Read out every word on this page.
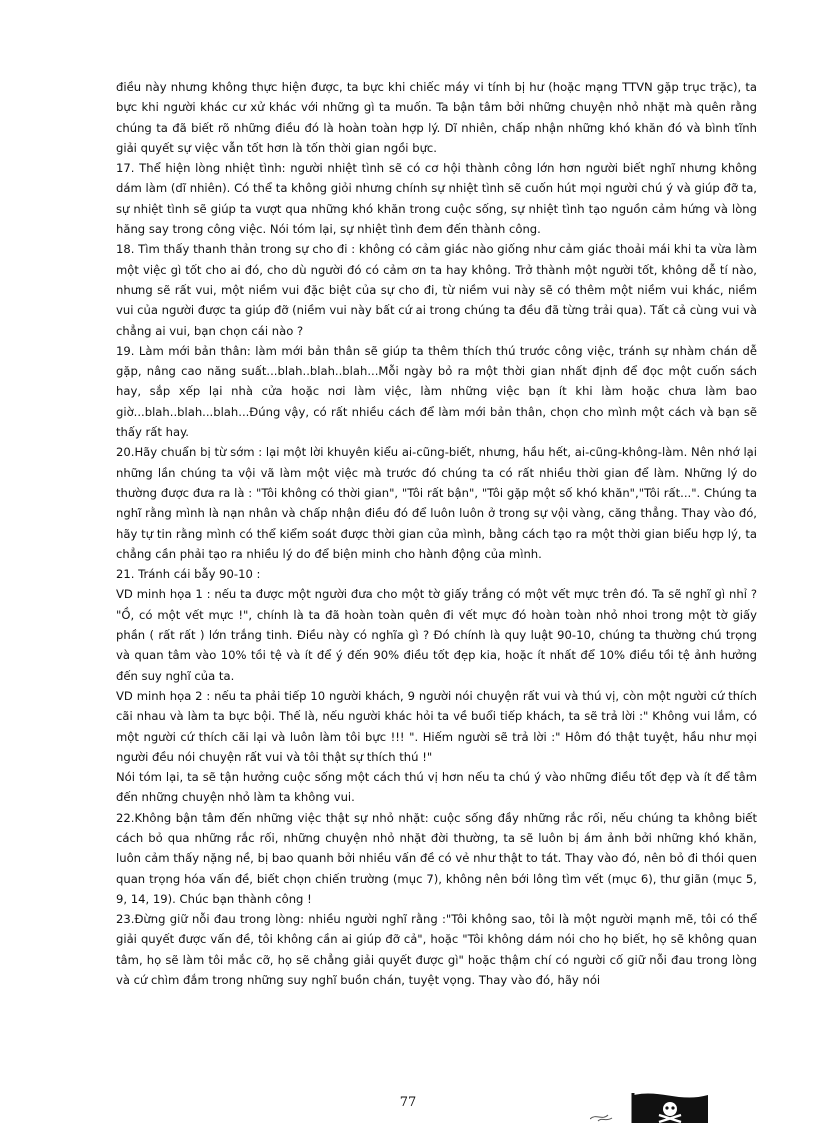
điều này nhưng không thực hiện được, ta bực khi chiếc máy vi tính bị hư (hoặc mạng TTVN gặp trục trặc), ta bực khi người khác cư xử khác với những gì ta muốn. Ta bận tâm bởi những chuyện nhỏ nhặt mà quên rằng chúng ta đã biết rõ những điều đó là hoàn toàn hợp lý. Dĩ nhiên, chấp nhận những khó khăn đó và bình tĩnh giải quyết sự việc vẫn tốt hơn là tốn thời gian ngồi bực.

17. Thể hiện lòng nhiệt tình: người nhiệt tình sẽ có cơ hội thành công lớn hơn người biết nghĩ nhưng không dám làm (dĩ nhiên). Có thể ta không giỏi nhưng chính sự nhiệt tình sẽ cuốn hút mọi người chú ý và giúp đỡ ta, sự nhiệt tình sẽ giúp ta vượt qua những khó khăn trong cuộc sống, sự nhiệt tình tạo nguồn cảm hứng và lòng hăng say trong công việc. Nói tóm lại, sự nhiệt tình đem đến thành công.

18. Tìm thấy thanh thản trong sự cho đi : không có cảm giác nào giống như cảm giác thoải mái khi ta vừa làm một việc gì tốt cho ai đó, cho dù người đó có cảm ơn ta hay không. Trở thành một người tốt, không dễ tí nào, nhưng sẽ rất vui, một niềm vui đặc biệt của sự cho đi, từ niềm vui này sẽ có thêm một niềm vui khác, niềm vui của người được ta giúp đỡ (niềm vui này bất cứ ai trong chúng ta đều đã từng trải qua). Tất cả cùng vui và chẳng ai vui, bạn chọn cái nào ?

19. Làm mới bản thân: làm mới bản thân sẽ giúp ta thêm thích thú trước công việc, tránh sự nhàm chán dễ gặp, nâng cao năng suất...blah..blah..blah...Mỗi ngày bỏ ra một thời gian nhất định để đọc một cuốn sách hay, sắp xếp lại nhà cửa hoặc nơi làm việc, làm những việc bạn ít khi làm hoặc chưa làm bao giờ...blah..blah...blah...Đúng vậy, có rất nhiều cách để làm mới bản thân, chọn cho mình một cách và bạn sẽ thấy rất hay.

20.Hãy chuẩn bị từ sớm : lại một lời khuyên kiểu ai-cũng-biết, nhưng, hầu hết, ai-cũng-không-làm. Nên nhớ lại những lần chúng ta vội vã làm một việc mà trước đó chúng ta có rất nhiều thời gian để làm. Những lý do thường được đưa ra là : "Tôi không có thời gian", "Tôi rất bận", "Tôi gặp một số khó khăn","Tôi rất...". Chúng ta nghĩ rằng mình là nạn nhân và chấp nhận điều đó để luôn luôn ở trong sự vội vàng, căng thẳng. Thay vào đó, hãy tự tin rằng mình có thể kiểm soát được thời gian của mình, bằng cách tạo ra một thời gian biểu hợp lý, ta chẳng cần phải tạo ra nhiều lý do để biện minh cho hành động của mình.

21. Tránh cái bẫy 90-10 :

VD minh họa 1 : nếu ta được một người đưa cho một tờ giấy trắng có một vết mực trên đó. Ta sẽ nghĩ gì nhỉ ? "Ồ, có một vết mực !", chính là ta đã hoàn toàn quên đi vết mực đó hoàn toàn nhỏ nhoi trong một tờ giấy phần ( rất rất ) lớn trắng tinh. Điều này có nghĩa gì ? Đó chính là quy luật 90-10, chúng ta thường chú trọng và quan tâm vào 10% tồi tệ và ít để ý đến 90% điều tốt đẹp kia, hoặc ít nhất để 10% điều tồi tệ ảnh hưởng đến suy nghĩ của ta.

VD minh họa 2 : nếu ta phải tiếp 10 người khách, 9 người nói chuyện rất vui và thú vị, còn một người cứ thích cãi nhau và làm ta bực bội. Thế là, nếu người khác hỏi ta về buổi tiếp khách, ta sẽ trả lời :" Không vui lắm, có một người cứ thích cãi lại và luôn làm tôi bực !!! ". Hiếm người sẽ trả lời :" Hôm đó thật tuyệt, hầu như mọi người đều nói chuyện rất vui và tôi thật sự thích thú !"

Nói tóm lại, ta sẽ tận hưởng cuộc sống một cách thú vị hơn nếu ta chú ý vào những điều tốt đẹp và ít để tâm đến những chuyện nhỏ làm ta không vui.

22.Không bận tâm đến những việc thật sự nhỏ nhặt: cuộc sống đầy những rắc rối, nếu chúng ta không biết cách bỏ qua những rắc rối, những chuyện nhỏ nhặt đời thường, ta sẽ luôn bị ám ảnh bởi những khó khăn, luôn cảm thấy nặng nề, bị bao quanh bởi nhiều vấn đề có vẻ như thật to tát. Thay vào đó, nên bỏ đi thói quen quan trọng hóa vấn đề, biết chọn chiến trường (mục 7), không nên bới lông tìm vết (mục 6), thư giãn (mục 5, 9, 14, 19). Chúc bạn thành công !

23.Đừng giữ nỗi đau trong lòng: nhiều người nghĩ rằng :"Tôi không sao, tôi là một người mạnh mẽ, tôi có thể giải quyết được vấn đề, tôi không cần ai giúp đỡ cả", hoặc "Tôi không dám nói cho họ biết, họ sẽ không quan tâm, họ sẽ làm tôi mắc cỡ, họ sẽ chẳng giải quyết được gì" hoặc thậm chí có người cố giữ nỗi đau trong lòng và cứ chìm đắm trong những suy nghĩ buồn chán, tuyệt vọng. Thay vào đó, hãy nói

77
